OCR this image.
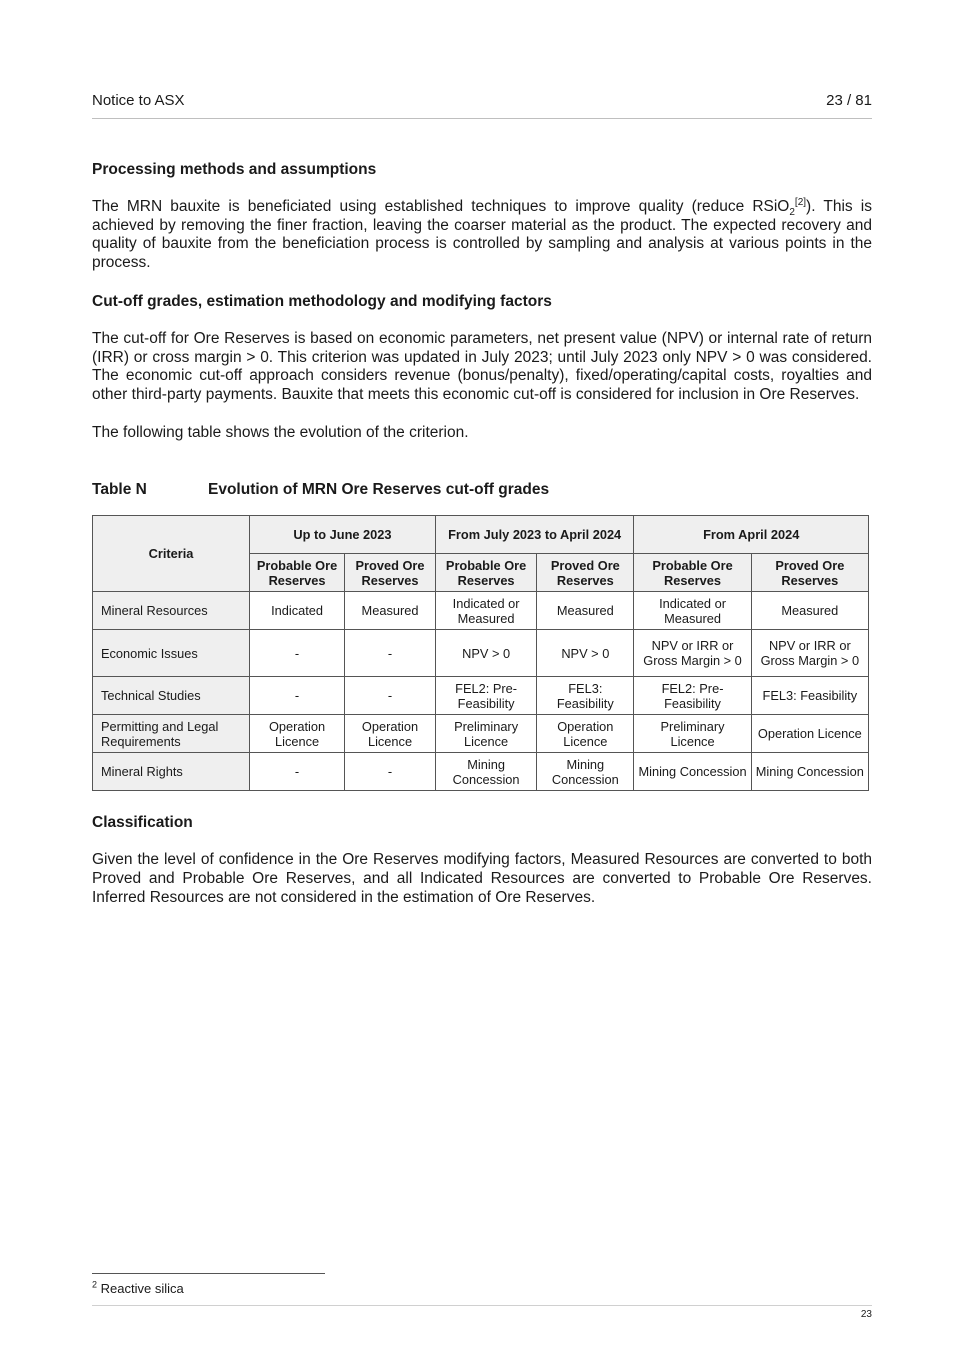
Notice to ASX	23 / 81
Processing methods and assumptions

The MRN bauxite is beneficiated using established techniques to improve quality (reduce RSiO$_2$[2]). This is achieved by removing the finer fraction, leaving the coarser material as the product. The expected recovery and quality of bauxite from the beneficiation process is controlled by sampling and analysis at various points in the process.

Cut-off grades, estimation methodology and modifying factors

The cut-off for Ore Reserves is based on economic parameters, net present value (NPV) or internal rate of return (IRR) or cross margin > 0. This criterion was updated in July 2023; until July 2023 only NPV > 0 was considered. The economic cut-off approach considers revenue (bonus/penalty), fixed/operating/capital costs, royalties and other third-party payments. Bauxite that meets this economic cut-off is considered for inclusion in Ore Reserves.

The following table shows the evolution of the criterion.

Table N	Evolution of MRN Ore Reserves cut-off grades
Criteria	Up to June 2023		From July 2023 to April 2024		From April 2024	
	Probable Ore Reserves	Proved Ore Reserves	Probable Ore Reserves	Proved Ore Reserves	Probable Ore Reserves	Proved Ore Reserves
Mineral Resources	Indicated	Measured	Indicated or Measured	Measured	Indicated or Measured	Measured
Economic Issues	-	-	NPV > 0	NPV > 0	NPV or IRR or Gross Margin > 0	NPV or IRR or Gross Margin > 0
Technical Studies	-	-	FEL2: Pre-Feasibility	FEL3: Feasibility	FEL2: Pre-Feasibility	FEL3: Feasibility
Permitting and Legal Requirements	Operation Licence	Operation Licence	Preliminary Licence	Operation Licence	Preliminary Licence	Operation Licence
Mineral Rights	-	-	Mining Concession	Mining Concession	Mining Concession	Mining Concession
Classification

Given the level of confidence in the Ore Reserves modifying factors, Measured Resources are converted to both Proved and Probable Ore Reserves, and all Indicated Resources are converted to Probable Ore Reserves. Inferred Resources are not considered in the estimation of Ore Reserves.

$^2$ Reactive silica
23
